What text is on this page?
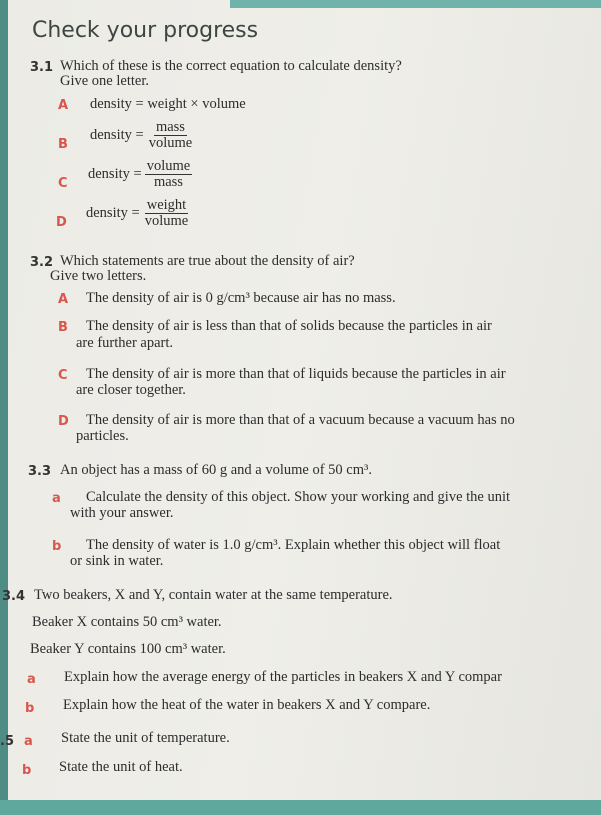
Check your progress
3.1 Which of these is the correct equation to calculate density?
Give one letter.
A density = weight × volume
B
density = $\frac{\text{mass}}{\text{volume}}$
C
density = $\frac{\text{volume}}{\text{mass}}$
D
density = $\frac{\text{weight}}{\text{volume}}$
3.2 Which statements are true about the density of air?
Give two letters.
A The density of air is 0 g/cm³ because air has no mass.
B The density of air is less than that of solids because the particles in air
are further apart.
C The density of air is more than that of liquids because the particles in air
are closer together.
D The density of air is more than that of a vacuum because a vacuum has no
particles.
3.3 An object has a mass of 60 g and a volume of 50 cm³.
a Calculate the density of this object. Show your working and give the unit
with your answer.
b The density of water is 1.0 g/cm³. Explain whether this object will float
or sink in water.
3.4 Two beakers, X and Y, contain water at the same temperature.
Beaker X contains 50 cm³ water.
Beaker Y contains 100 cm³ water.
a Explain how the average energy of the particles in beakers X and Y compar
b Explain how the heat of the water in beakers X and Y compare.
.5 a State the unit of temperature.
b State the unit of heat.
